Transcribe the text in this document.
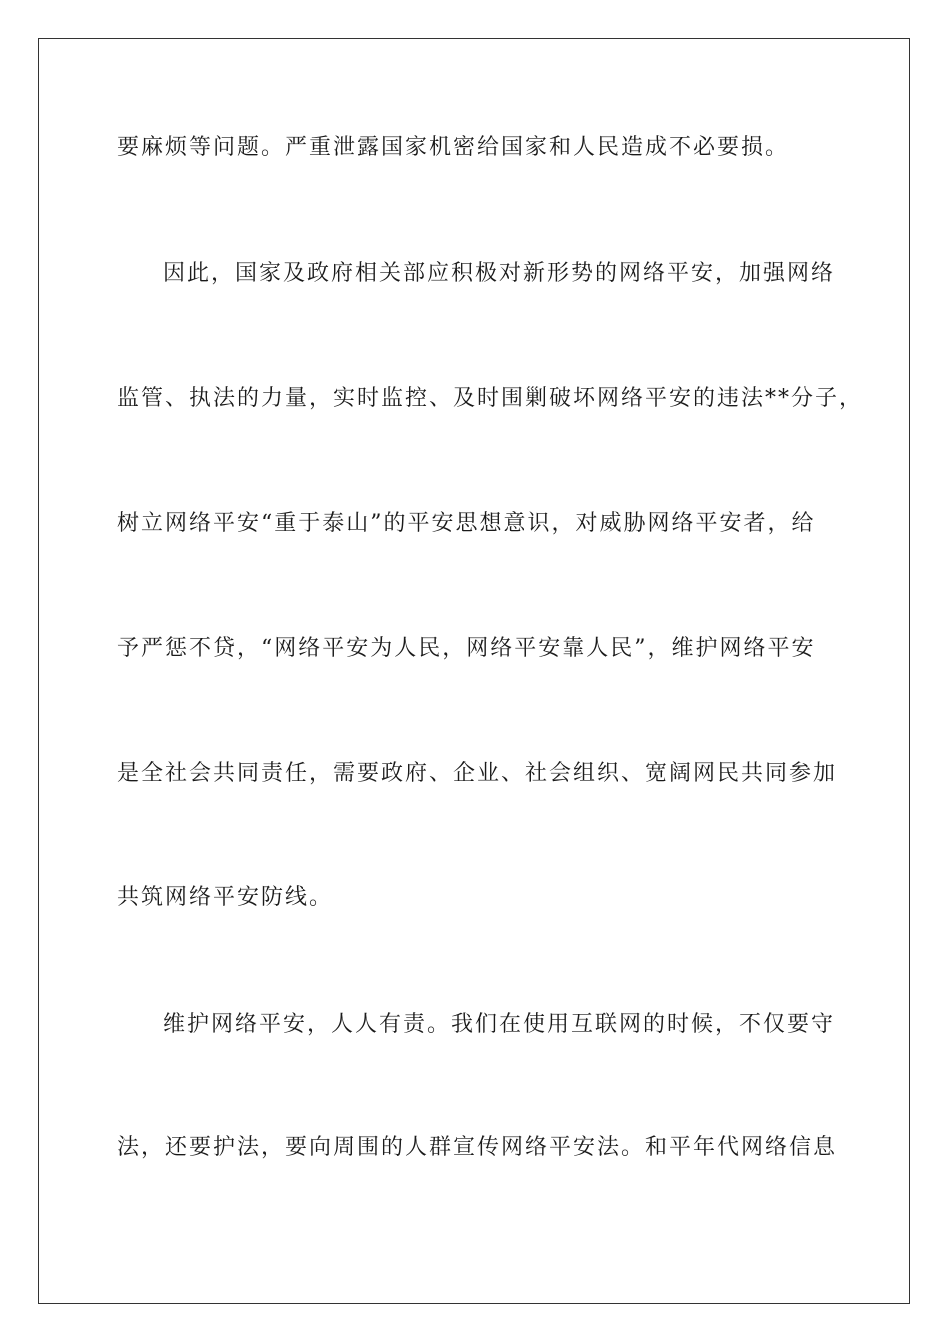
要麻烦等问题。严重泄露国家机密给国家和人民造成不必要损。
因此，国家及政府相关部应积极对新形势的网络平安，加强网络
监管、执法的力量，实时监控、及时围剿破坏网络平安的违法**分子，
树立网络平安“重于泰山”的平安思想意识，对威胁网络平安者，给
予严惩不贷，“网络平安为人民，网络平安靠人民”，维护网络平安
是全社会共同责任，需要政府、企业、社会组织、宽阔网民共同参加
共筑网络平安防线。
维护网络平安，人人有责。我们在使用互联网的时候，不仅要守
法，还要护法，要向周围的人群宣传网络平安法。和平年代网络信息
